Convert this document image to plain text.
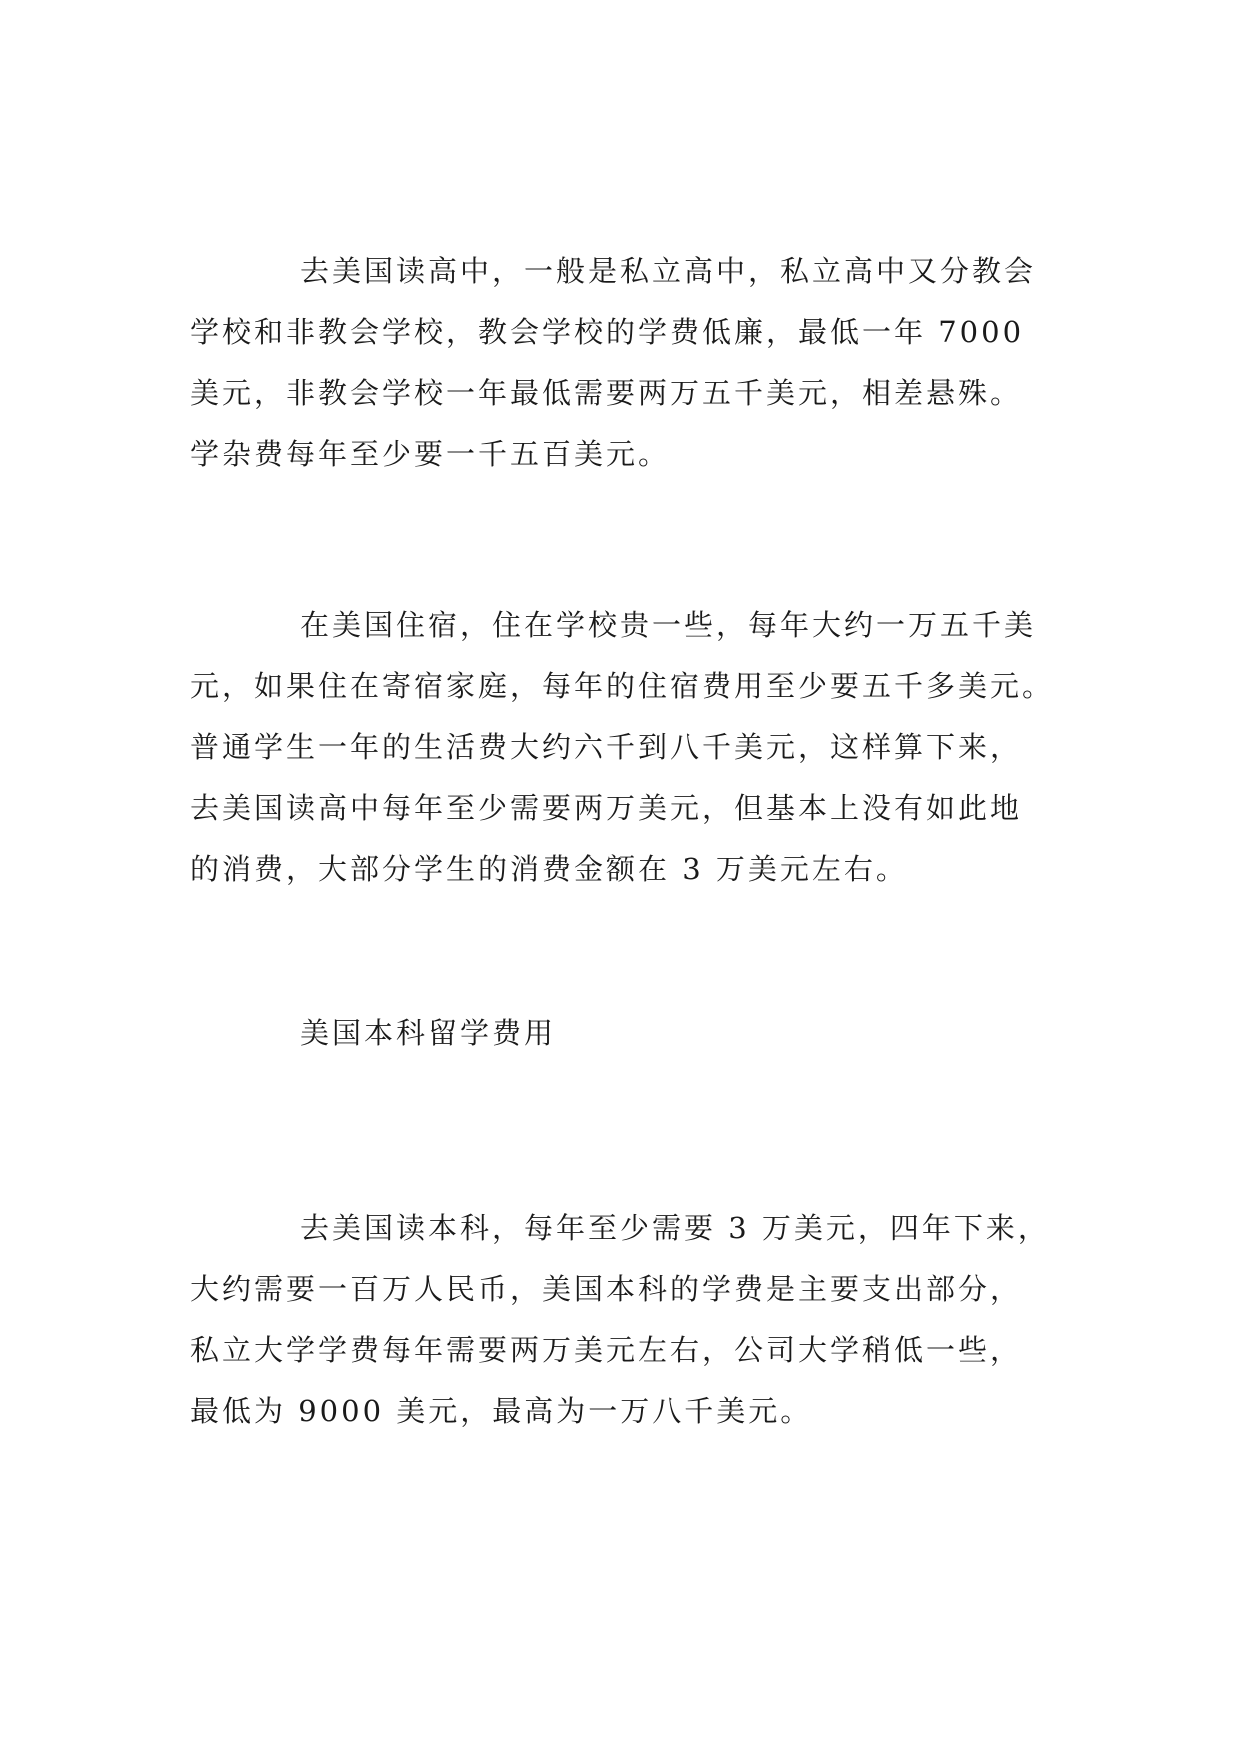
去美国读高中，一般是私立高中，私立高中又分教会
学校和非教会学校，教会学校的学费低廉，最低一年 7000
美元，非教会学校一年最低需要两万五千美元，相差悬殊。
学杂费每年至少要一千五百美元。

在美国住宿，住在学校贵一些，每年大约一万五千美
元，如果住在寄宿家庭，每年的住宿费用至少要五千多美元。
普通学生一年的生活费大约六千到八千美元，这样算下来，
去美国读高中每年至少需要两万美元，但基本上没有如此地
的消费，大部分学生的消费金额在 3 万美元左右。

美国本科留学费用

去美国读本科，每年至少需要 3 万美元，四年下来，
大约需要一百万人民币，美国本科的学费是主要支出部分，
私立大学学费每年需要两万美元左右，公司大学稍低一些，
最低为 9000 美元，最高为一万八千美元。
